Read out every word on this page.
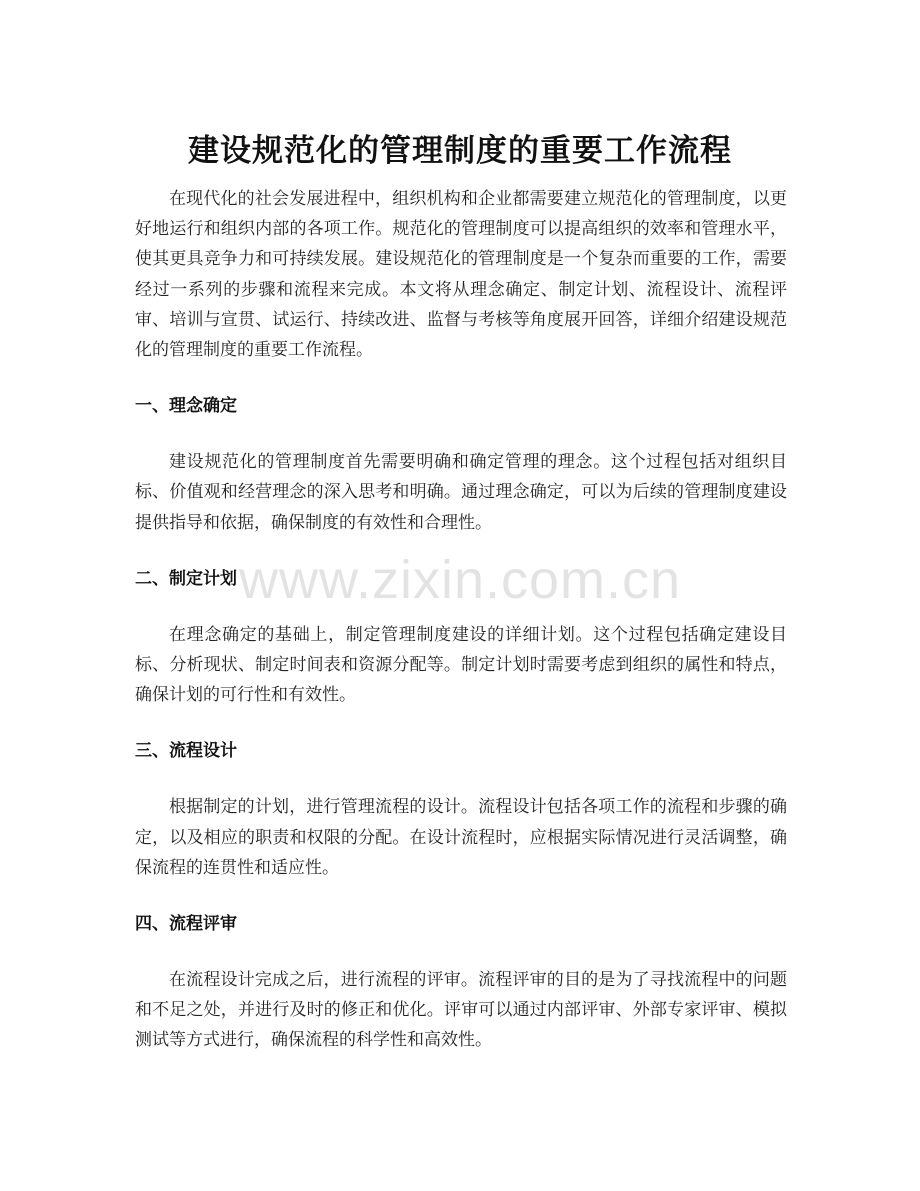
建设规范化的管理制度的重要工作流程

在现代化的社会发展进程中，组织机构和企业都需要建立规范化的管理制度，以更好地运行和组织内部的各项工作。规范化的管理制度可以提高组织的效率和管理水平，使其更具竞争力和可持续发展。建设规范化的管理制度是一个复杂而重要的工作，需要经过一系列的步骤和流程来完成。本文将从理念确定、制定计划、流程设计、流程评审、培训与宣贯、试运行、持续改进、监督与考核等角度展开回答，详细介绍建设规范化的管理制度的重要工作流程。

一、理念确定

建设规范化的管理制度首先需要明确和确定管理的理念。这个过程包括对组织目标、价值观和经营理念的深入思考和明确。通过理念确定，可以为后续的管理制度建设提供指导和依据，确保制度的有效性和合理性。

二、制定计划

在理念确定的基础上，制定管理制度建设的详细计划。这个过程包括确定建设目标、分析现状、制定时间表和资源分配等。制定计划时需要考虑到组织的属性和特点，确保计划的可行性和有效性。

三、流程设计

根据制定的计划，进行管理流程的设计。流程设计包括各项工作的流程和步骤的确定，以及相应的职责和权限的分配。在设计流程时，应根据实际情况进行灵活调整，确保流程的连贯性和适应性。

四、流程评审

在流程设计完成之后，进行流程的评审。流程评审的目的是为了寻找流程中的问题和不足之处，并进行及时的修正和优化。评审可以通过内部评审、外部专家评审、模拟测试等方式进行，确保流程的科学性和高效性。

www.zixin.com.cn
